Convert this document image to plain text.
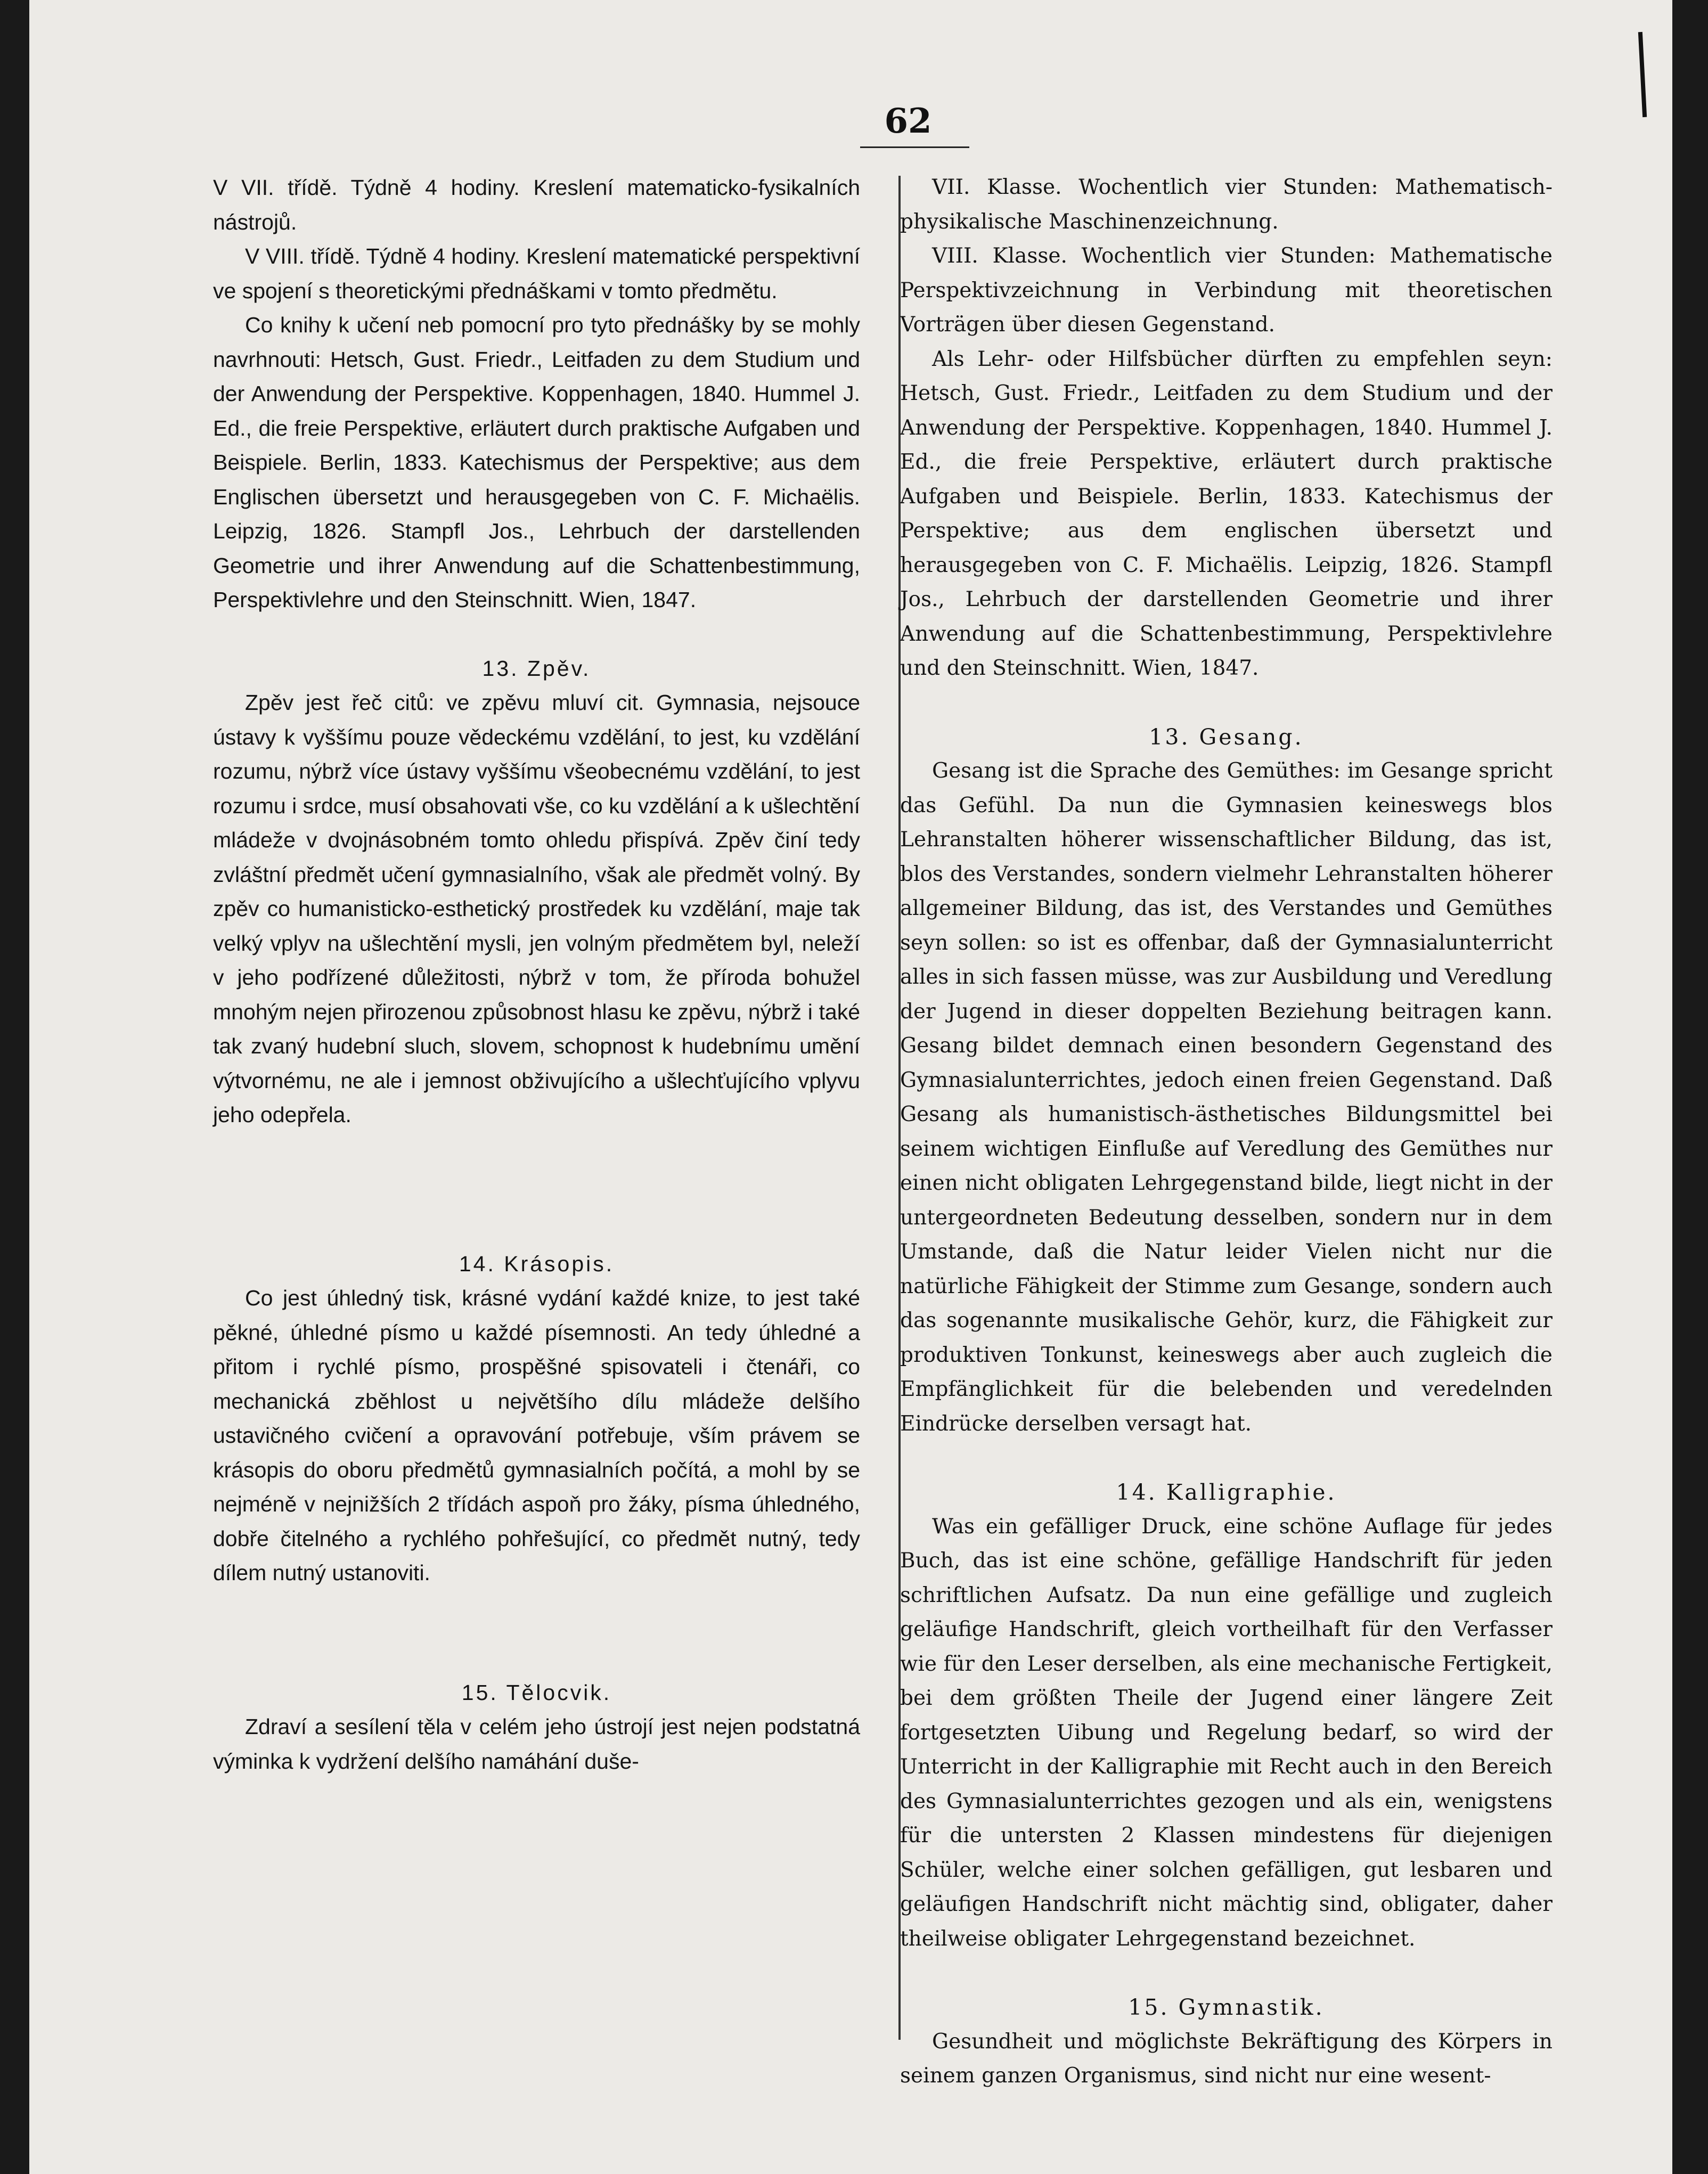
62

V VII. třídě. Týdně 4 hodiny. Kreslení matematicko-fysikalních nástrojů.

V VIII. třídě. Týdně 4 hodiny. Kreslení matematické perspektivní ve spojení s theoretickými přednáškami v tomto předmětu.

Co knihy k učení neb pomocní pro tyto přednášky by se mohly navrhnouti: Hetsch, Gust. Friedr., Leitfaden zu dem Studium und der Anwendung der Perspektive. Koppenhagen, 1840. Hummel J. Ed., die freie Perspektive, erläutert durch praktische Aufgaben und Beispiele. Berlin, 1833. Katechismus der Perspektive; aus dem Englischen übersetzt und herausgegeben von C. F. Michaëlis. Leipzig, 1826. Stampfl Jos., Lehrbuch der darstellenden Geometrie und ihrer Anwendung auf die Schattenbestimmung, Perspektivlehre und den Steinschnitt. Wien, 1847.

13. Zpěv.

Zpěv jest řeč citů: ve zpěvu mluví cit. Gymnasia, nejsouce ústavy k vyššímu pouze vědeckému vzdělání, to jest, ku vzdělání rozumu, nýbrž více ústavy vyššímu všeobecnému vzdělání, to jest rozumu i srdce, musí obsahovati vše, co ku vzdělání a k ušlechtění mládeže v dvojnásobném tomto ohledu přispívá. Zpěv činí tedy zvláštní předmět učení gymnasialního, však ale předmět volný. By zpěv co humanisticko-esthetický prostředek ku vzdělání, maje tak velký vplyv na ušlechtění mysli, jen volným předmětem byl, neleží v jeho podřízené důležitosti, nýbrž v tom, že příroda bohužel mnohým nejen přirozenou způsobnost hlasu ke zpěvu, nýbrž i také tak zvaný hudební sluch, slovem, schopnost k hudebnímu umění výtvornému, ne ale i jemnost obživujícího a ušlechťujícího vplyvu jeho odepřela.

14. Krásopis.

Co jest úhledný tisk, krásné vydání každé knize, to jest také pěkné, úhledné písmo u každé písemnosti. An tedy úhledné a přitom i rychlé písmo, prospěšné spisovateli i čtenáři, co mechanická zběhlost u největšího dílu mládeže delšího ustavičného cvičení a opravování potřebuje, vším právem se krásopis do oboru předmětů gymnasialních počítá, a mohl by se nejméně v nejnižších 2 třídách aspoň pro žáky, písma úhledného, dobře čitelného a rychlého pohřešující, co předmět nutný, tedy dílem nutný ustanoviti.

15. Tělocvik.

Zdraví a sesílení těla v celém jeho ústrojí jest nejen podstatná výminka k vydržení delšího namáhání duše-

VII. Klasse. Wochentlich vier Stunden: Mathematisch-physikalische Maschinenzeichnung.

VIII. Klasse. Wochentlich vier Stunden: Mathematische Perspektivzeichnung in Verbindung mit theoretischen Vorträgen über diesen Gegenstand.

Als Lehr- oder Hilfsbücher dürften zu empfehlen seyn: Hetsch, Gust. Friedr., Leitfaden zu dem Studium und der Anwendung der Perspektive. Koppenhagen, 1840. Hummel J. Ed., die freie Perspektive, erläutert durch praktische Aufgaben und Beispiele. Berlin, 1833. Katechismus der Perspektive; aus dem englischen übersetzt und herausgegeben von C. F. Michaëlis. Leipzig, 1826. Stampfl Jos., Lehrbuch der darstellenden Geometrie und ihrer Anwendung auf die Schattenbestimmung, Perspektivlehre und den Steinschnitt. Wien, 1847.

13. Gesang.

Gesang ist die Sprache des Gemüthes: im Gesange spricht das Gefühl. Da nun die Gymnasien keineswegs blos Lehranstalten höherer wissenschaftlicher Bildung, das ist, blos des Verstandes, sondern vielmehr Lehranstalten höherer allgemeiner Bildung, das ist, des Verstandes und Gemüthes seyn sollen: so ist es offenbar, daß der Gymnasialunterricht alles in sich fassen müsse, was zur Ausbildung und Veredlung der Jugend in dieser doppelten Beziehung beitragen kann. Gesang bildet demnach einen besondern Gegenstand des Gymnasialunterrichtes, jedoch einen freien Gegenstand. Daß Gesang als humanistisch-ästhetisches Bildungsmittel bei seinem wichtigen Einfluße auf Veredlung des Gemüthes nur einen nicht obligaten Lehrgegenstand bilde, liegt nicht in der untergeordneten Bedeutung desselben, sondern nur in dem Umstande, daß die Natur leider Vielen nicht nur die natürliche Fähigkeit der Stimme zum Gesange, sondern auch das sogenannte musikalische Gehör, kurz, die Fähigkeit zur produktiven Tonkunst, keineswegs aber auch zugleich die Empfänglichkeit für die belebenden und veredelnden Eindrücke derselben versagt hat.

14. Kalligraphie.

Was ein gefälliger Druck, eine schöne Auflage für jedes Buch, das ist eine schöne, gefällige Handschrift für jeden schriftlichen Aufsatz. Da nun eine gefällige und zugleich geläufige Handschrift, gleich vortheilhaft für den Verfasser wie für den Leser derselben, als eine mechanische Fertigkeit, bei dem größten Theile der Jugend einer längere Zeit fortgesetzten Uibung und Regelung bedarf, so wird der Unterricht in der Kalligraphie mit Recht auch in den Bereich des Gymnasialunterrichtes gezogen und als ein, wenigstens für die untersten 2 Klassen mindestens für diejenigen Schüler, welche einer solchen gefälligen, gut lesbaren und geläufigen Handschrift nicht mächtig sind, obligater, daher theilweise obligater Lehrgegenstand bezeichnet.

15. Gymnastik.

Gesundheit und möglichste Bekräftigung des Körpers in seinem ganzen Organismus, sind nicht nur eine wesent-
